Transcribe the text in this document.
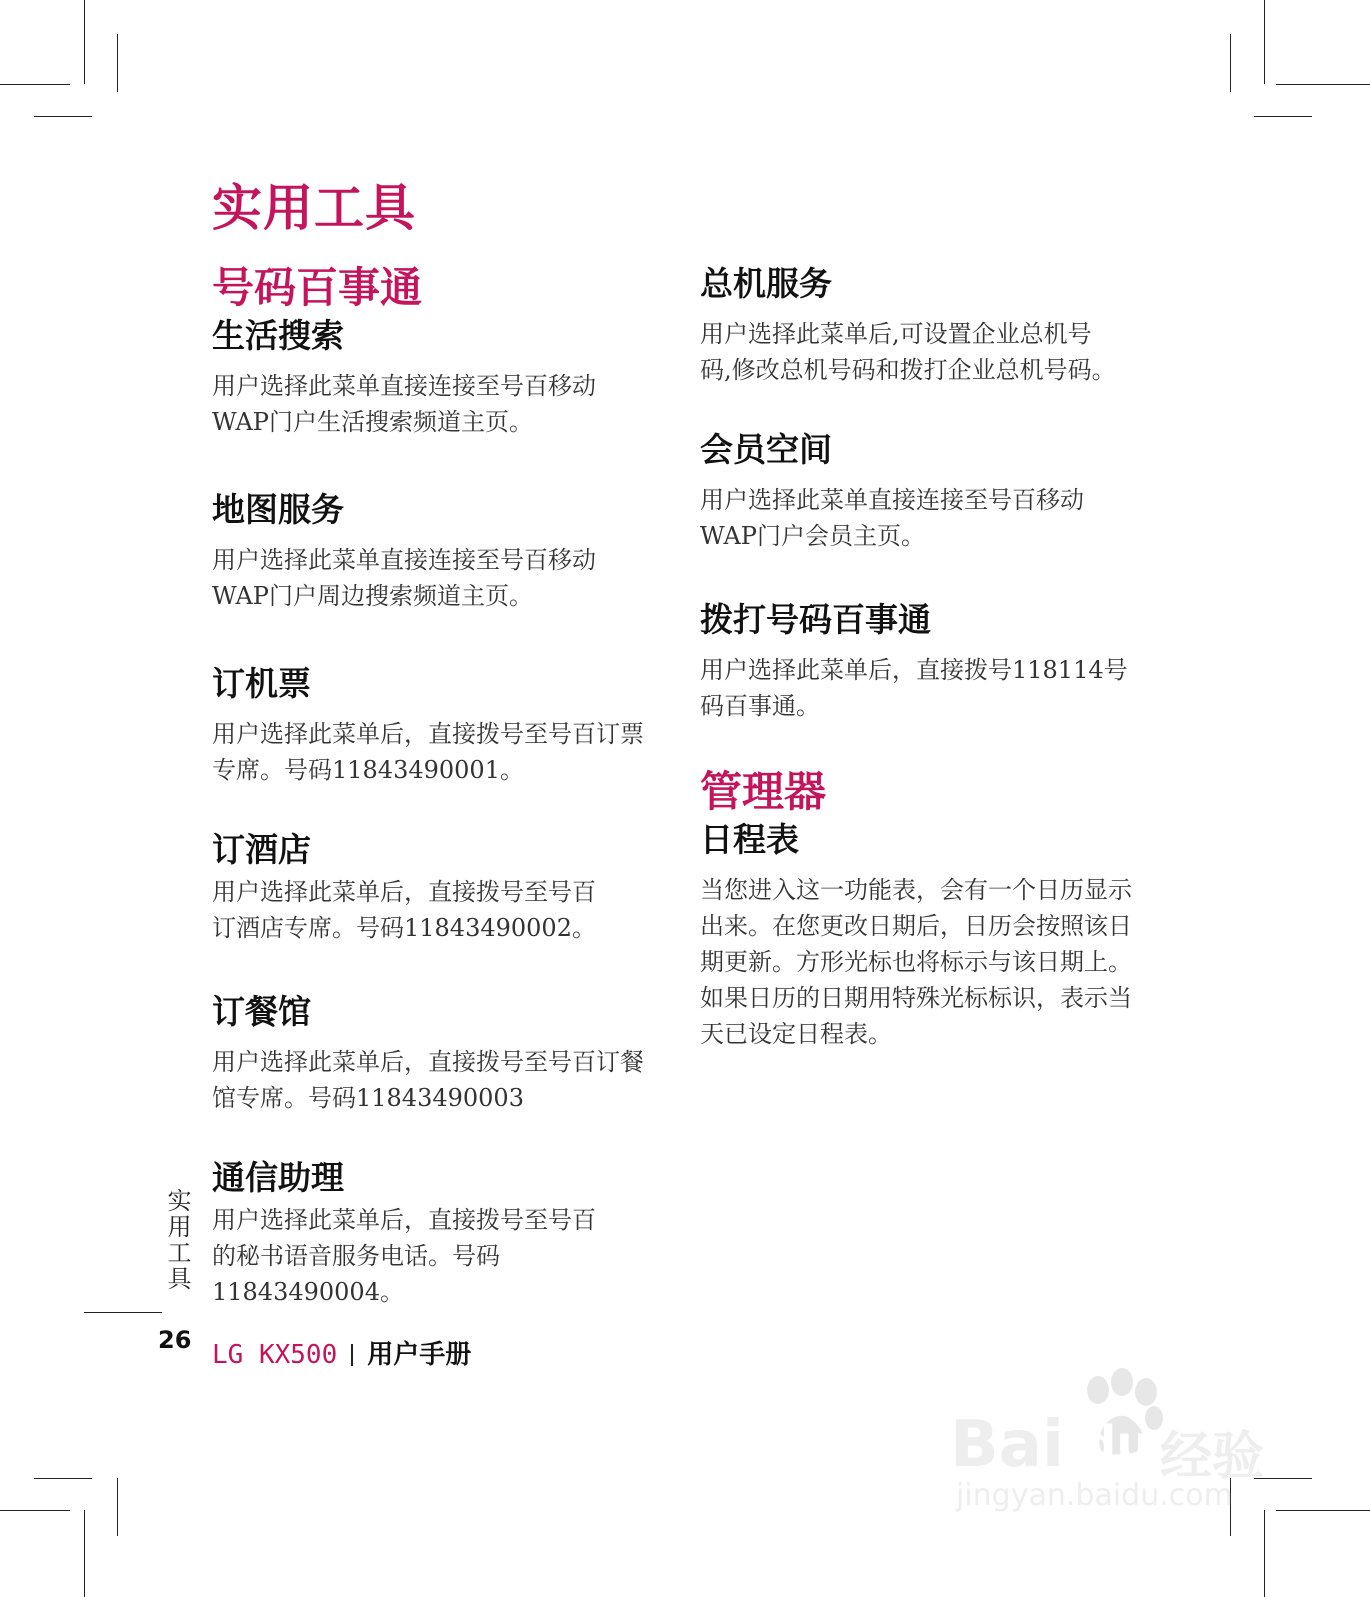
实用工具
号码百事通
生活搜索

用户选择此菜单直接连接至号百移动
WAP门户生活搜索频道主页。

地图服务

用户选择此菜单直接连接至号百移动
WAP门户周边搜索频道主页。

订机票

用户选择此菜单后，直接拨号至号百订票
专席。号码11843490001。

订酒店

用户选择此菜单后，直接拨号至号百
订酒店专席。号码11843490002。

订餐馆

用户选择此菜单后，直接拨号至号百订餐
馆专席。号码11843490003

通信助理

用户选择此菜单后，直接拨号至号百
的秘书语音服务电话。号码
11843490004。

总机服务

用户选择此菜单后,可设置企业总机号
码,修改总机号码和拨打企业总机号码。

会员空间

用户选择此菜单直接连接至号百移动
WAP门户会员主页。

拨打号码百事通

用户选择此菜单后，直接拨号118114号
码百事通。

管理器
日程表

当您进入这一功能表，会有一个日历显示
出来。在您更改日期后，日历会按照该日
期更新。方形光标也将标示与该日期上。
如果日历的日期用特殊光标标识，表示当
天已设定日程表。

实用工具
26 LG KX500 用户手册
Bai du 经验
jingyan.baidu.com
